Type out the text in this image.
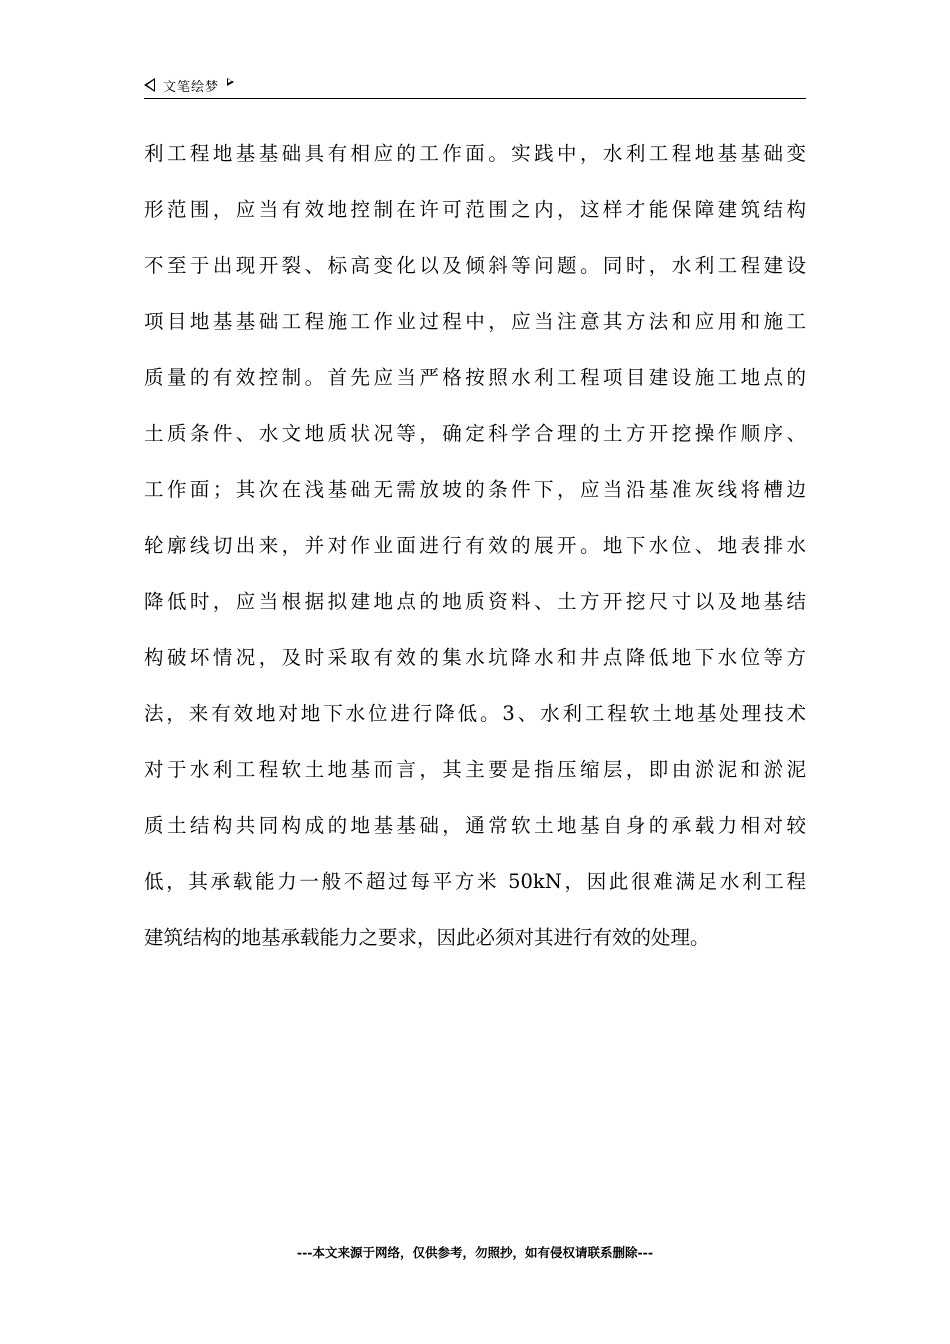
文笔绘梦
利工程地基基础具有相应的工作面。实践中，水利工程地基基础变
形范围，应当有效地控制在许可范围之内，这样才能保障建筑结构
不至于出现开裂、标高变化以及倾斜等问题。同时，水利工程建设
项目地基基础工程施工作业过程中，应当注意其方法和应用和施工
质量的有效控制。首先应当严格按照水利工程项目建设施工地点的
土质条件、水文地质状况等，确定科学合理的土方开挖操作顺序、
工作面；其次在浅基础无需放坡的条件下，应当沿基准灰线将槽边
轮廓线切出来，并对作业面进行有效的展开。地下水位、地表排水
降低时，应当根据拟建地点的地质资料、土方开挖尺寸以及地基结
构破坏情况，及时采取有效的集水坑降水和井点降低地下水位等方
法，来有效地对地下水位进行降低。3、水利工程软土地基处理技术
对于水利工程软土地基而言，其主要是指压缩层，即由淤泥和淤泥
质土结构共同构成的地基基础，通常软土地基自身的承载力相对较
低，其承载能力一般不超过每平方米 50kN，因此很难满足水利工程
建筑结构的地基承载能力之要求，因此必须对其进行有效的处理。
---本文来源于网络，仅供参考，勿照抄，如有侵权请联系删除---
